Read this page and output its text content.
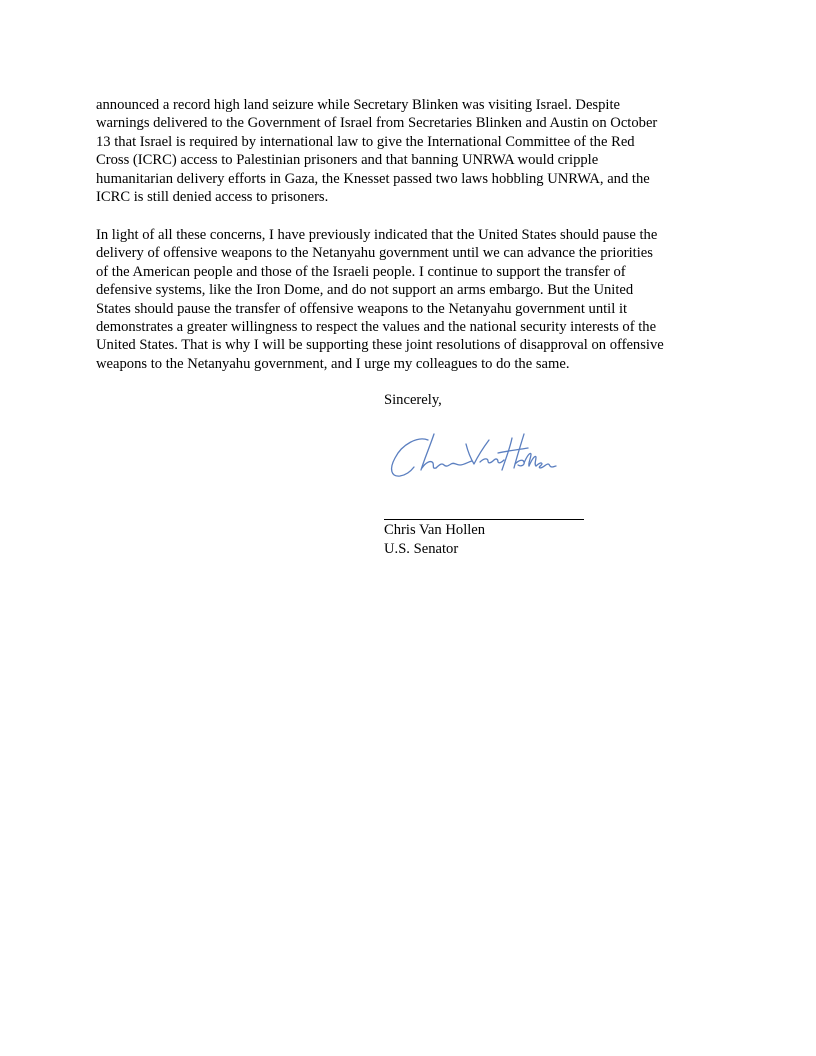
announced a record high land seizure while Secretary Blinken was visiting Israel. Despite
warnings delivered to the Government of Israel from Secretaries Blinken and Austin on October
13 that Israel is required by international law to give the International Committee of the Red
Cross (ICRC) access to Palestinian prisoners and that banning UNRWA would cripple
humanitarian delivery efforts in Gaza, the Knesset passed two laws hobbling UNRWA, and the
ICRC is still denied access to prisoners.
In light of all these concerns, I have previously indicated that the United States should pause the
delivery of offensive weapons to the Netanyahu government until we can advance the priorities
of the American people and those of the Israeli people. I continue to support the transfer of
defensive systems, like the Iron Dome, and do not support an arms embargo. But the United
States should pause the transfer of offensive weapons to the Netanyahu government until it
demonstrates a greater willingness to respect the values and the national security interests of the
United States. That is why I will be supporting these joint resolutions of disapproval on offensive
weapons to the Netanyahu government, and I urge my colleagues to do the same.
Sincerely,
Chris Van Hollen
U.S. Senator
